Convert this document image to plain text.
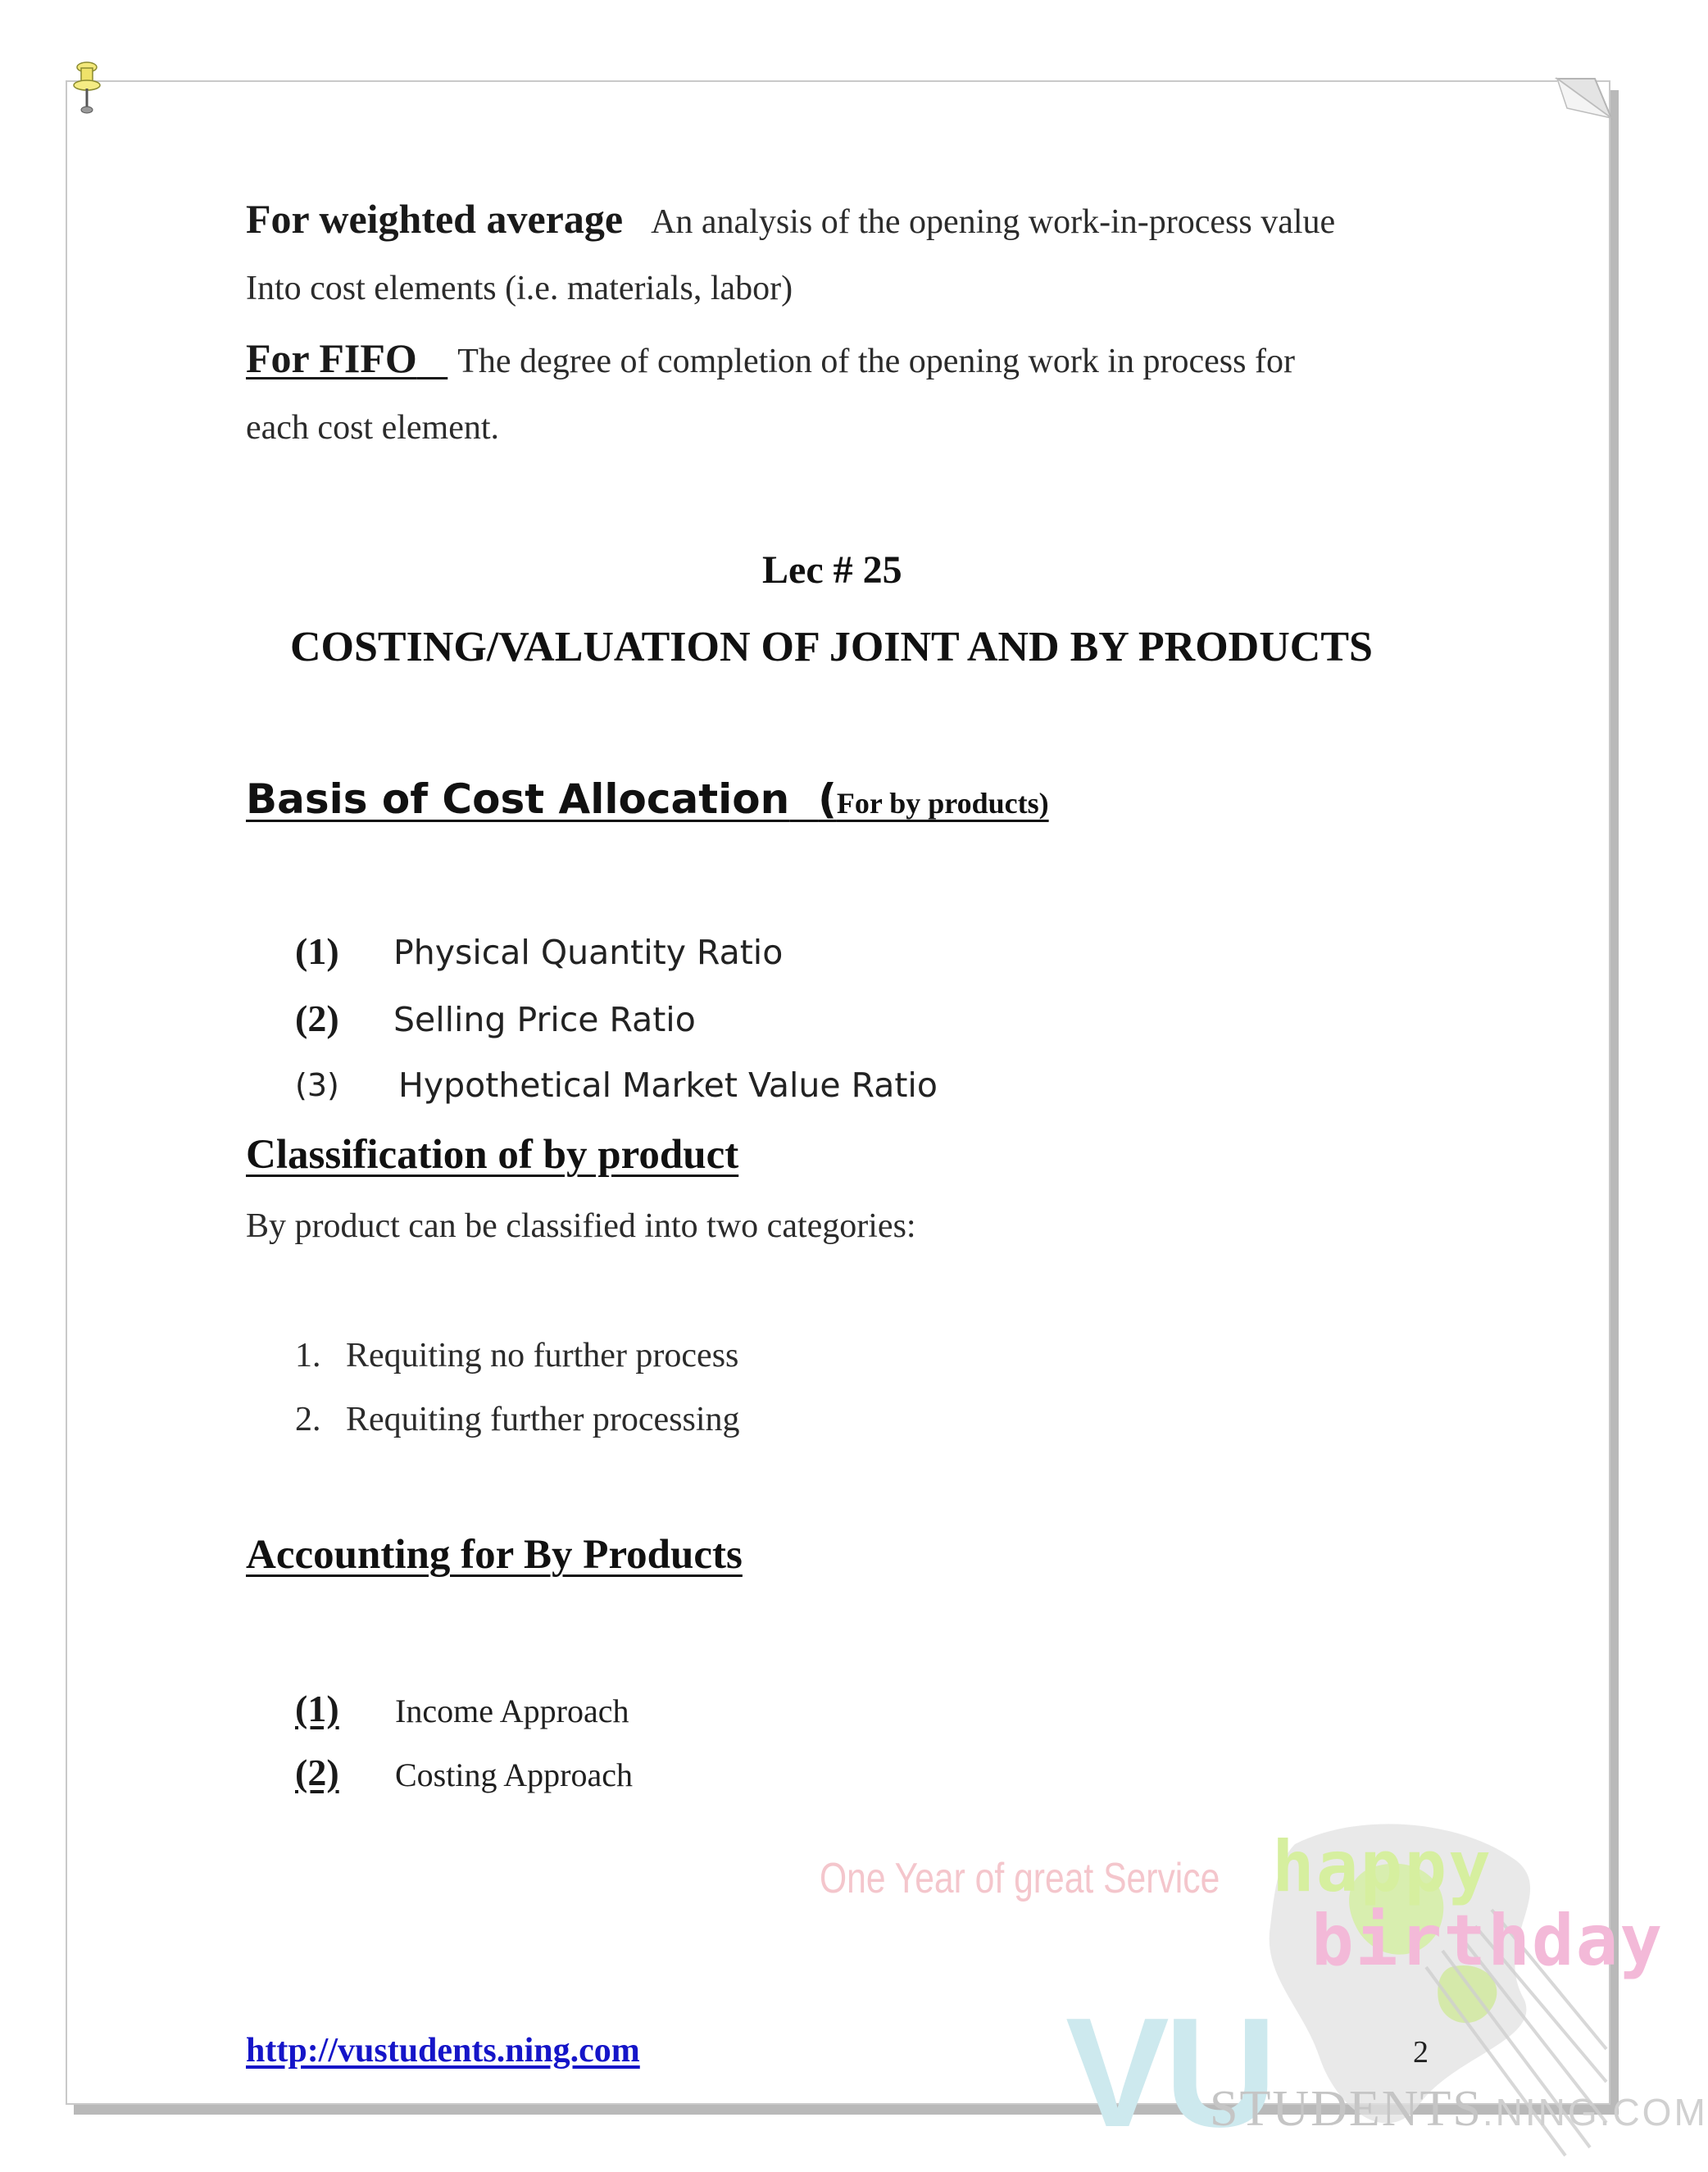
For weighted average An analysis of the opening work-in-process value
Into cost elements (i.e. materials, labor)
For FIFO The degree of completion of the opening work in process for
each cost element.
Lec # 25
COSTING/VALUATION OF JOINT AND BY PRODUCTS
Basis of Cost Allocation (For by products)
(1) Physical Quantity Ratio
(2) Selling Price Ratio
(3) Hypothetical Market Value Ratio
Classification of by product
By product can be classified into two categories:
1. Requiting no further process
2. Requiting further processing
Accounting for By Products
(1) Income Approach
(2) Costing Approach
One Year of great Service happy
birthday
VU
STUDENTS.NING.COM
http://vustudents.ning.com	2
